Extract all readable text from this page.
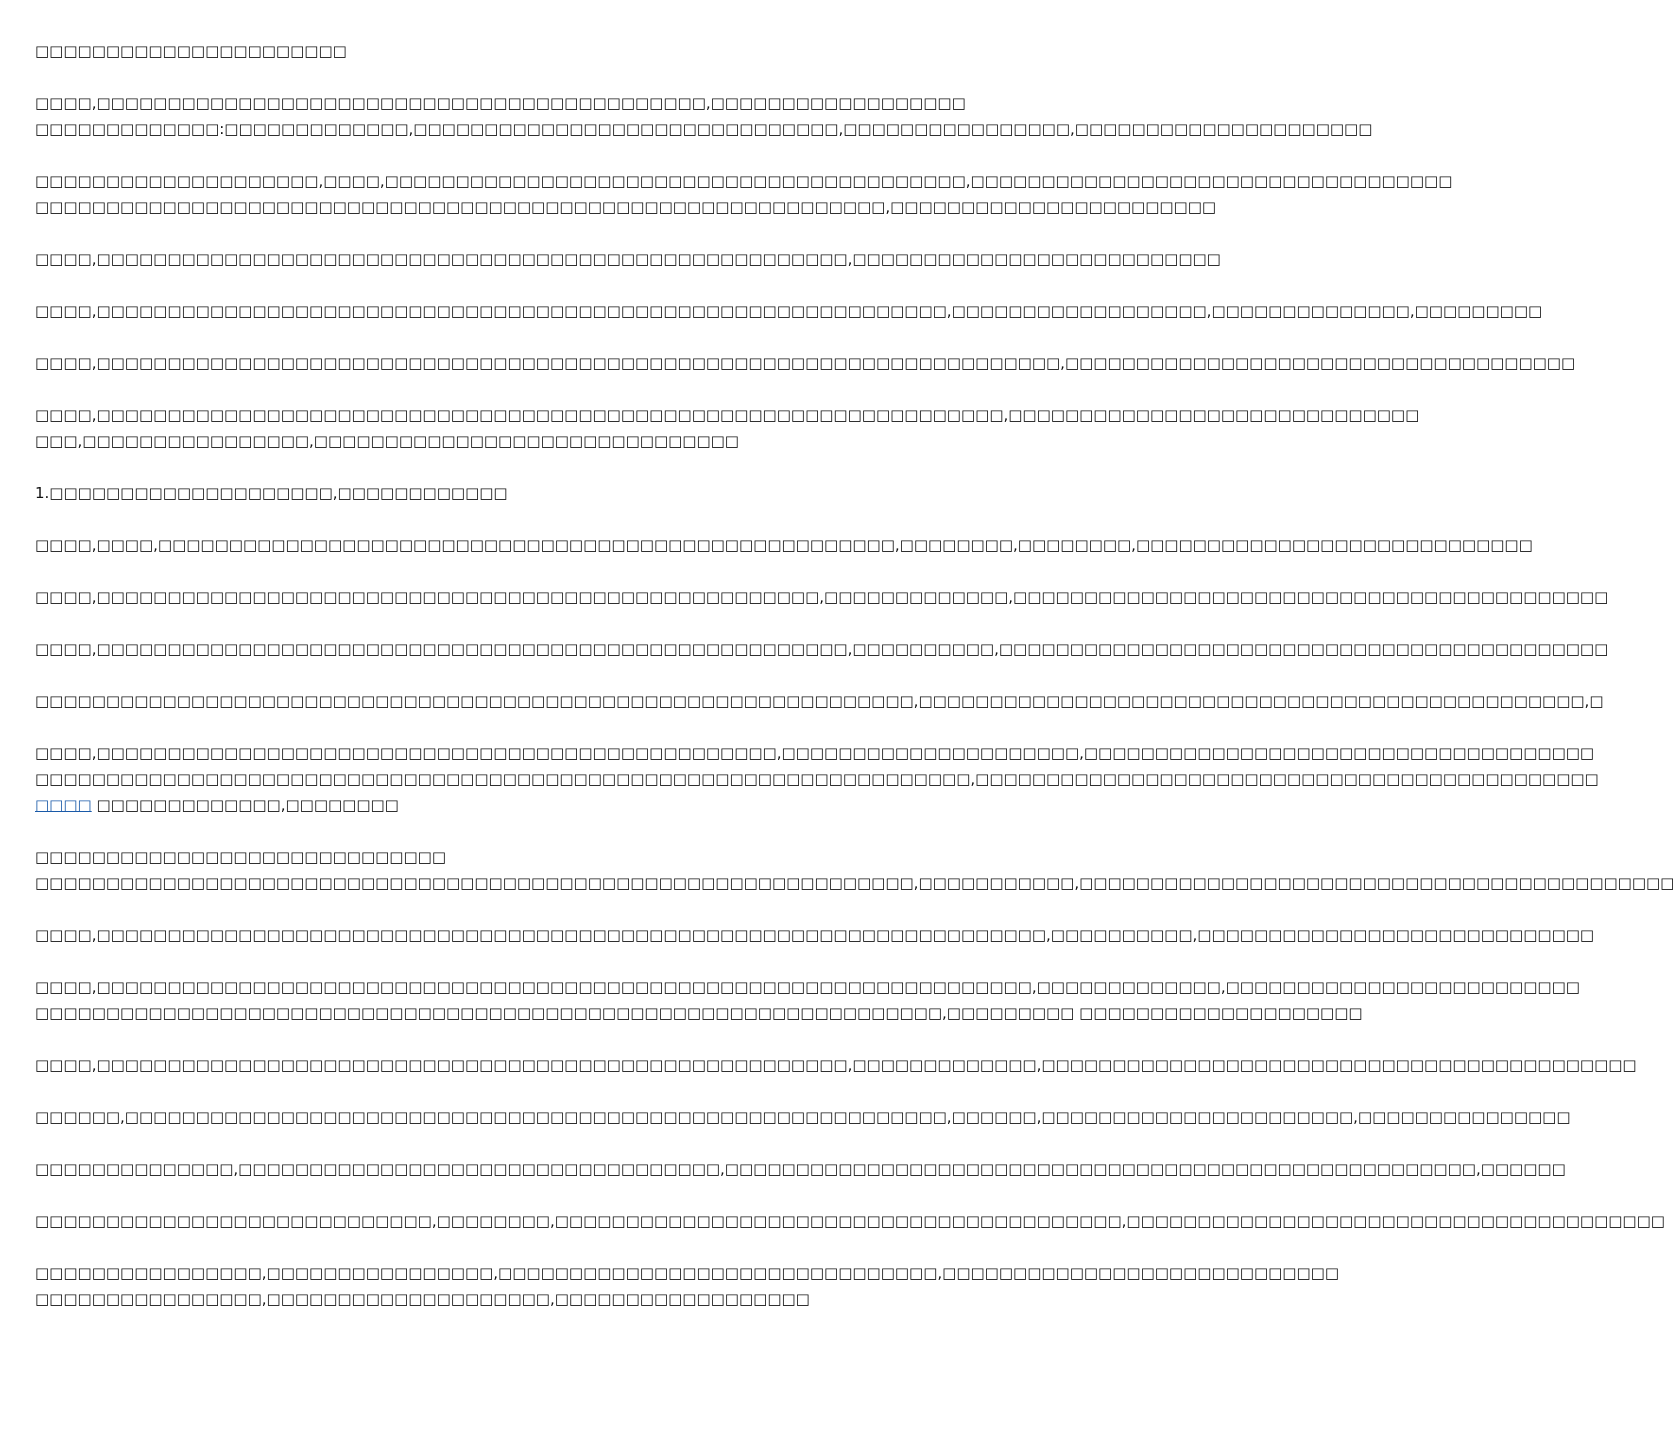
□□□□□□□□□□□□□□□□□□□□□□
□□□□,□□□□□□□□□□□□□□□□□□□□□□□□□□□□□□□□□□□□□□□□□□□,□□□□□□□□□□□□□□□□□□
□□□□□□□□□□□□□:□□□□□□□□□□□□□,□□□□□□□□□□□□□□□□□□□□□□□□□□□□□□,□□□□□□□□□□□□□□□□,□□□□□□□□□□□□□□□□□□□□□
□□□□□□□□□□□□□□□□□□□□,□□□□,□□□□□□□□□□□□□□□□□□□□□□□□□□□□□□□□□□□□□□□□□,□□□□□□□□□□□□□□□□□□□□□□□□□□□□□□□□□□
□□□□□□□□□□□□□□□□□□□□□□□□□□□□□□□□□□□□□□□□□□□□□□□□□□□□□□□□□□□□,□□□□□□□□□□□□□□□□□□□□□□□
□□□□,□□□□□□□□□□□□□□□□□□□□□□□□□□□□□□□□□□□□□□□□□□□□□□□□□□□□□,□□□□□□□□□□□□□□□□□□□□□□□□□□
□□□□,□□□□□□□□□□□□□□□□□□□□□□□□□□□□□□□□□□□□□□□□□□□□□□□□□□□□□□□□□□□□,□□□□□□□□□□□□□□□□□□,□□□□□□□□□□□□□□,□□□□□□□□□
□□□□,□□□□□□□□□□□□□□□□□□□□□□□□□□□□□□□□□□□□□□□□□□□□□□□□□□□□□□□□□□□□□□□□□□□□,□□□□□□□□□□□□□□□□□□□□□□□□□□□□□□□□□□□□
□□□□,□□□□□□□□□□□□□□□□□□□□□□□□□□□□□□□□□□□□□□□□□□□□□□□□□□□□□□□□□□□□□□□□,□□□□□□□□□□□□□□□□□□□□□□□□□□□□□
□□□,□□□□□□□□□□□□□□□□,□□□□□□□□□□□□□□□□□□□□□□□□□□□□□□
1.□□□□□□□□□□□□□□□□□□□□,□□□□□□□□□□□□
□□□□,□□□□,□□□□□□□□□□□□□□□□□□□□□□□□□□□□□□□□□□□□□□□□□□□□□□□□□□□□,□□□□□□□□,□□□□□□□□,□□□□□□□□□□□□□□□□□□□□□□□□□□□□
□□□□,□□□□□□□□□□□□□□□□□□□□□□□□□□□□□□□□□□□□□□□□□□□□□□□□□□□,□□□□□□□□□□□□□,□□□□□□□□□□□□□□□□□□□□□□□□□□□□□□□□□□□□□□□□□□
□□□□,□□□□□□□□□□□□□□□□□□□□□□□□□□□□□□□□□□□□□□□□□□□□□□□□□□□□□,□□□□□□□□□□,□□□□□□□□□□□□□□□□□□□□□□□□□□□□□□□□□□□□□□□□□□□
□□□□□□□□□□□□□□□□□□□□□□□□□□□□□□□□□□□□□□□□□□□□□□□□□□□□□□□□□□□□□□,□□□□□□□□□□□□□□□□□□□□□□□□□□□□□□□□□□□□□□□□□□□□□□□,□
□□□□,□□□□□□□□□□□□□□□□□□□□□□□□□□□□□□□□□□□□□□□□□□□□□□□□,□□□□□□□□□□□□□□□□□□□□□,□□□□□□□□□□□□□□□□□□□□□□□□□□□□□□□□□□□□
□□□□□□□□□□□□□□□□□□□□□□□□□□□□□□□□□□□□□□□□□□□□□□□□□□□□□□□□□□□□□□□□□□,□□□□□□□□□□□□□□□□□□□□□□□□□□□□□□□□□□□□□□□□□□□□
□□□□ □□□□□□□□□□□□□,□□□□□□□□
□□□□□□□□□□□□□□□□□□□□□□□□□□□□□
□□□□□□□□□□□□□□□□□□□□□□□□□□□□□□□□□□□□□□□□□□□□□□□□□□□□□□□□□□□□□□,□□□□□□□□□□□,□□□□□□□□□□□□□□□□□□□□□□□□□□□□□□□□□□□□□□□□□□
□□□□,□□□□□□□□□□□□□□□□□□□□□□□□□□□□□□□□□□□□□□□□□□□□□□□□□□□□□□□□□□□□□□□□□□□,□□□□□□□□□□,□□□□□□□□□□□□□□□□□□□□□□□□□□□□
□□□□,□□□□□□□□□□□□□□□□□□□□□□□□□□□□□□□□□□□□□□□□□□□□□□□□□□□□□□□□□□□□□□□□□□,□□□□□□□□□□□□□,□□□□□□□□□□□□□□□□□□□□□□□□□
□□□□□□□□□□□□□□□□□□□□□□□□□□□□□□□□□□□□□□□□□□□□□□□□□□□□□□□□□□□□□□□□,□□□□□□□□□ □□□□□□□□□□□□□□□□□□□□
□□□□,□□□□□□□□□□□□□□□□□□□□□□□□□□□□□□□□□□□□□□□□□□□□□□□□□□□□□,□□□□□□□□□□□□□,□□□□□□□□□□□□□□□□□□□□□□□□□□□□□□□□□□□□□□□□□□
□□□□□□,□□□□□□□□□□□□□□□□□□□□□□□□□□□□□□□□□□□□□□□□□□□□□□□□□□□□□□□□□□,□□□□□□,□□□□□□□□□□□□□□□□□□□□□□,□□□□□□□□□□□□□□□
□□□□□□□□□□□□□□,□□□□□□□□□□□□□□□□□□□□□□□□□□□□□□□□□□,□□□□□□□□□□□□□□□□□□□□□□□□□□□□□□□□□□□□□□□□□□□□□□□□□□□□□,□□□□□□
□□□□□□□□□□□□□□□□□□□□□□□□□□□□,□□□□□□□□,□□□□□□□□□□□□□□□□□□□□□□□□□□□□□□□□□□□□□□□□,□□□□□□□□□□□□□□□□□□□□□□□□□□□□□□□□□□□□□□
□□□□□□□□□□□□□□□□,□□□□□□□□□□□□□□□□,□□□□□□□□□□□□□□□□□□□□□□□□□□□□□□□,□□□□□□□□□□□□□□□□□□□□□□□□□□□□
□□□□□□□□□□□□□□□□,□□□□□□□□□□□□□□□□□□□□,□□□□□□□□□□□□□□□□□□
